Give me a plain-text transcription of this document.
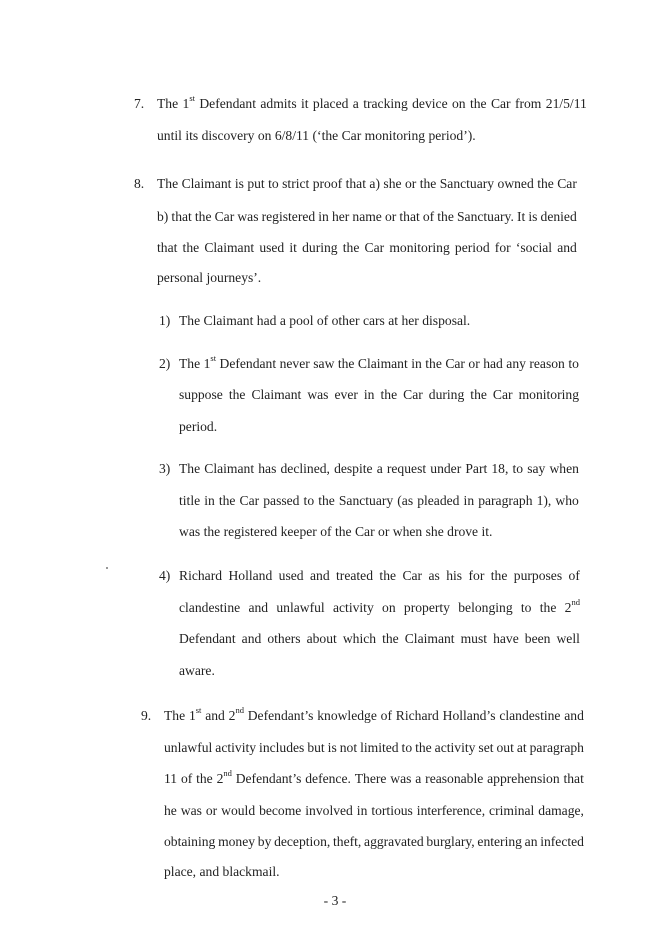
7. The 1st Defendant admits it placed a tracking device on the Car from 21/5/11
until its discovery on 6/8/11 (‘the Car monitoring period’).
8. The Claimant is put to strict proof that a) she or the Sanctuary owned the Car
b) that the Car was registered in her name or that of the Sanctuary. It is denied
that the Claimant used it during the Car monitoring period for ‘social and
personal journeys’.
1) The Claimant had a pool of other cars at her disposal.
2) The 1st Defendant never saw the Claimant in the Car or had any reason to
suppose the Claimant was ever in the Car during the Car monitoring
period.
3) The Claimant has declined, despite a request under Part 18, to say when
title in the Car passed to the Sanctuary (as pleaded in paragraph 1), who
was the registered keeper of the Car or when she drove it.
4) Richard Holland used and treated the Car as his for the purposes of
clandestine and unlawful activity on property belonging to the 2nd
Defendant and others about which the Claimant must have been well
aware.
9. The 1st and 2nd Defendant’s knowledge of Richard Holland’s clandestine and
unlawful activity includes but is not limited to the activity set out at paragraph
11 of the 2nd Defendant’s defence. There was a reasonable apprehension that
he was or would become involved in tortious interference, criminal damage,
obtaining money by deception, theft, aggravated burglary, entering an infected
place, and blackmail.
- 3 -
